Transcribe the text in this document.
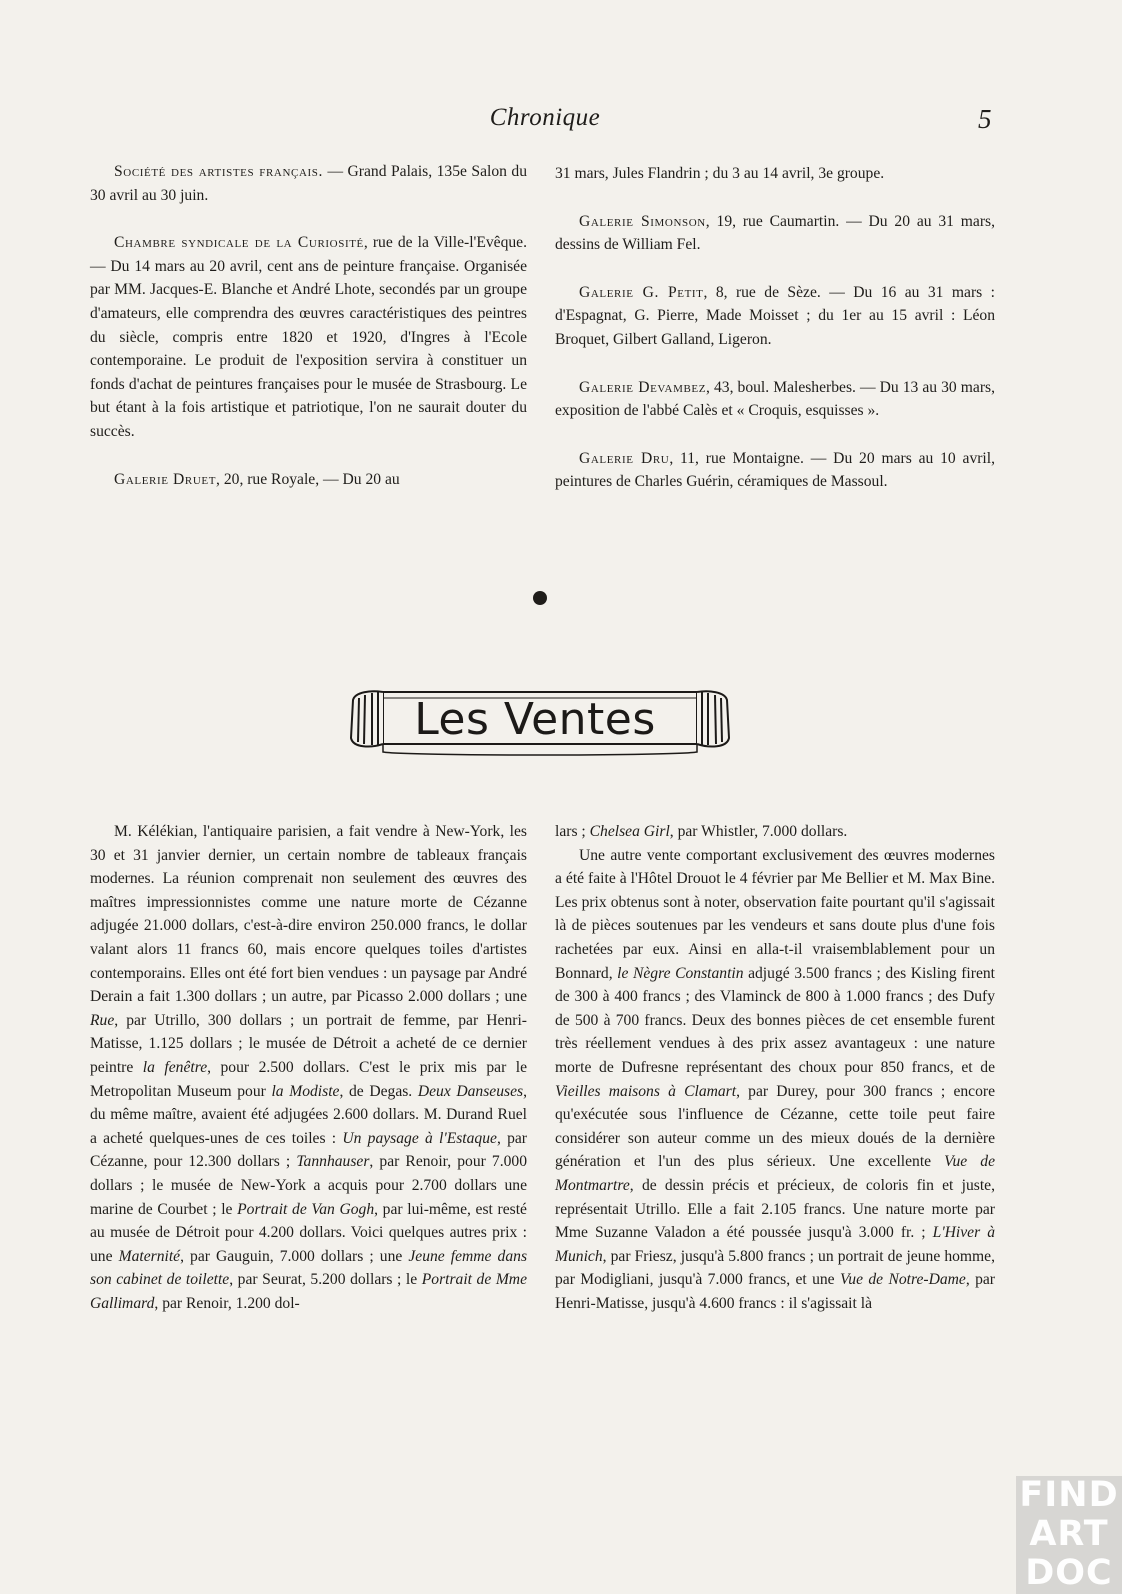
Chronique	5

Société des artistes français. — Grand Palais, 135e Salon du 30 avril au 30 juin.

Chambre syndicale de la Curiosité, rue de la Ville-l'Evêque. — Du 14 mars au 20 avril, cent ans de peinture française. Organisée par MM. Jacques-E. Blanche et André Lhote, secondés par un groupe d'amateurs, elle comprendra des œuvres caractéristiques des peintres du siècle, compris entre 1820 et 1920, d'Ingres à l'Ecole contemporaine. Le produit de l'exposition servira à constituer un fonds d'achat de peintures françaises pour le musée de Strasbourg. Le but étant à la fois artistique et patriotique, l'on ne saurait douter du succès.

Galerie Druet, 20, rue Royale, — Du 20 au

31 mars, Jules Flandrin ; du 3 au 14 avril, 3e groupe.

Galerie Simonson, 19, rue Caumartin. — Du 20 au 31 mars, dessins de William Fel.

Galerie G. Petit, 8, rue de Sèze. — Du 16 au 31 mars : d'Espagnat, G. Pierre, Made Moisset ; du 1er au 15 avril : Léon Broquet, Gilbert Galland, Ligeron.

Galerie Devambez, 43, boul. Malesherbes. — Du 13 au 30 mars, exposition de l'abbé Calès et « Croquis, esquisses ».

Galerie Dru, 11, rue Montaigne. — Du 20 mars au 10 avril, peintures de Charles Guérin, céramiques de Massoul.

Les Ventes

M. Kélékian, l'antiquaire parisien, a fait vendre à New-York, les 30 et 31 janvier dernier, un certain nombre de tableaux français modernes. La réunion comprenait non seulement des œuvres des maîtres impressionnistes comme une nature morte de Cézanne adjugée 21.000 dollars, c'est-à-dire environ 250.000 francs, le dollar valant alors 11 francs 60, mais encore quelques toiles d'artistes contemporains. Elles ont été fort bien vendues : un paysage par André Derain a fait 1.300 dollars ; un autre, par Picasso 2.000 dollars ; une Rue, par Utrillo, 300 dollars ; un portrait de femme, par Henri-Matisse, 1.125 dollars ; le musée de Détroit a acheté de ce dernier peintre la fenêtre, pour 2.500 dollars. C'est le prix mis par le Metropolitan Museum pour la Modiste, de Degas. Deux Danseuses, du même maître, avaient été adjugées 2.600 dollars. M. Durand Ruel a acheté quelques-unes de ces toiles : Un paysage à l'Estaque, par Cézanne, pour 12.300 dollars ; Tannhauser, par Renoir, pour 7.000 dollars ; le musée de New-York a acquis pour 2.700 dollars une marine de Courbet ; le Portrait de Van Gogh, par lui-même, est resté au musée de Détroit pour 4.200 dollars. Voici quelques autres prix : une Maternité, par Gauguin, 7.000 dollars ; une Jeune femme dans son cabinet de toilette, par Seurat, 5.200 dollars ; le Portrait de Mme Gallimard, par Renoir, 1.200 dol-

lars ; Chelsea Girl, par Whistler, 7.000 dollars.

Une autre vente comportant exclusivement des œuvres modernes a été faite à l'Hôtel Drouot le 4 février par Me Bellier et M. Max Bine. Les prix obtenus sont à noter, observation faite pourtant qu'il s'agissait là de pièces soutenues par les vendeurs et sans doute plus d'une fois rachetées par eux. Ainsi en alla-t-il vraisemblablement pour un Bonnard, le Nègre Constantin adjugé 3.500 francs ; des Kisling firent de 300 à 400 francs ; des Vlaminck de 800 à 1.000 francs ; des Dufy de 500 à 700 francs. Deux des bonnes pièces de cet ensemble furent très réellement vendues à des prix assez avantageux : une nature morte de Dufresne représentant des choux pour 850 francs, et de Vieilles maisons à Clamart, par Durey, pour 300 francs ; encore qu'exécutée sous l'influence de Cézanne, cette toile peut faire considérer son auteur comme un des mieux doués de la dernière génération et l'un des plus sérieux. Une excellente Vue de Montmartre, de dessin précis et précieux, de coloris fin et juste, représentait Utrillo. Elle a fait 2.105 francs. Une nature morte par Mme Suzanne Valadon a été poussée jusqu'à 3.000 fr. ; L'Hiver à Munich, par Friesz, jusqu'à 5.800 francs ; un portrait de jeune homme, par Modigliani, jusqu'à 7.000 francs, et une Vue de Notre-Dame, par Henri-Matisse, jusqu'à 4.600 francs : il s'agissait là

FIND
ART
DOC
